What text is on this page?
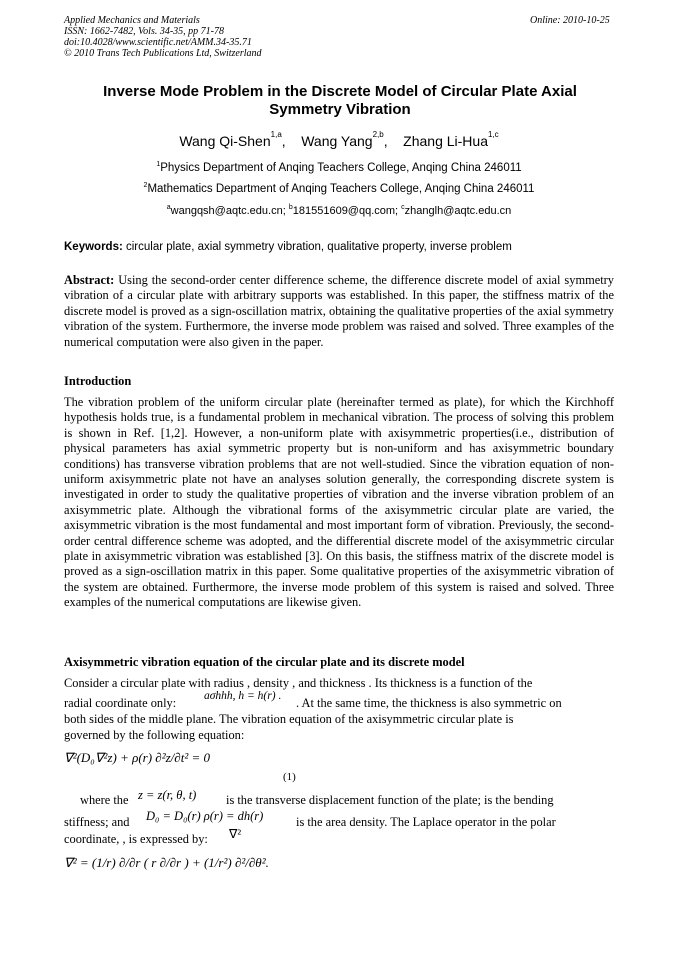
Applied Mechanics and Materials	Online: 2010-10-25
ISSN: 1662-7482, Vols. 34-35, pp 71-78
doi:10.4028/www.scientific.net/AMM.34-35.71
© 2010 Trans Tech Publications Ltd, Switzerland
Inverse Mode Problem in the Discrete Model of Circular Plate Axial
Symmetry Vibration
Wang Qi-Shen$^{1,a}$, Wang Yang$^{2,b}$, Zhang Li-Hua$^{1,c}$
$^1$Physics Department of Anqing Teachers College, Anqing China 246011
$^2$Mathematics Department of Anqing Teachers College, Anqing China 246011
$^a$wangqsh@aqtc.edu.cn; $^b$181551609@qq.com; $^c$zhanglh@aqtc.edu.cn
Keywords: circular plate, axial symmetry vibration, qualitative property, inverse problem
Abstract: Using the second-order center difference scheme, the difference discrete model of axial symmetry vibration of a circular plate with arbitrary supports was established. In this paper, the stiffness matrix of the discrete model is proved as a sign-oscillation matrix, obtaining the qualitative properties of the axial symmetry vibration of the system. Furthermore, the inverse mode problem was raised and solved. Three examples of the numerical computation were also given in the paper.
Introduction
The vibration problem of the uniform circular plate (hereinafter termed as plate), for which the Kirchhoff hypothesis holds true, is a fundamental problem in mechanical vibration. The process of solving this problem is shown in Ref. [1,2]. However, a non-uniform plate with axisymmetric properties(i.e., distribution of physical parameters has axial symmetric property but is non-uniform and has axisymmetric boundary conditions) has transverse vibration problems that are not well-studied. Since the vibration equation of non-uniform axisymmetric plate not have an analyses solution generally, the corresponding discrete system is investigated in order to study the qualitative properties of vibration and the inverse vibration problem of an axisymmetric plate. Although the vibrational forms of the axisymmetric circular plate are varied, the axisymmetric vibration is the most fundamental and most important form of vibration. Previously, the second-order central difference scheme was adopted, and the differential discrete model of the axisymmetric circular plate in axisymmetric vibration was established [3]. On this basis, the stiffness matrix of the discrete model is proved as a sign-oscillation matrix in this paper. Some qualitative properties of the axisymmetric vibration of the system are obtained. Furthermore, the inverse mode problem of this system is raised and solved. Three examples of the numerical computations are likewise given.
Axisymmetric vibration equation of the circular plate and its discrete model
Consider a circular plate with radius , density , and thickness . Its thickness is a function of the
radial coordinate only: aσhhh, h = h(r) . . At the same time, the thickness is also symmetric on
both sides of the middle plane. The vibration equation of the axisymmetric circular plate is
governed by the following equation:
∇²(D₀∇²z) + ρ(r) ∂²z/∂t² = 0
(1)
where the z = z(r, θ, t) is the transverse displacement function of the plate; is the bending
stiffness; and D₀ = D₀(r) ρ(r) = dh(r)	is the area density. The Laplace operator in the polar
coordinate, , is expressed by: ∇²
∇² = (1/r) ∂/∂r ( r ∂/∂r ) + (1/r²) ∂²/∂θ².
